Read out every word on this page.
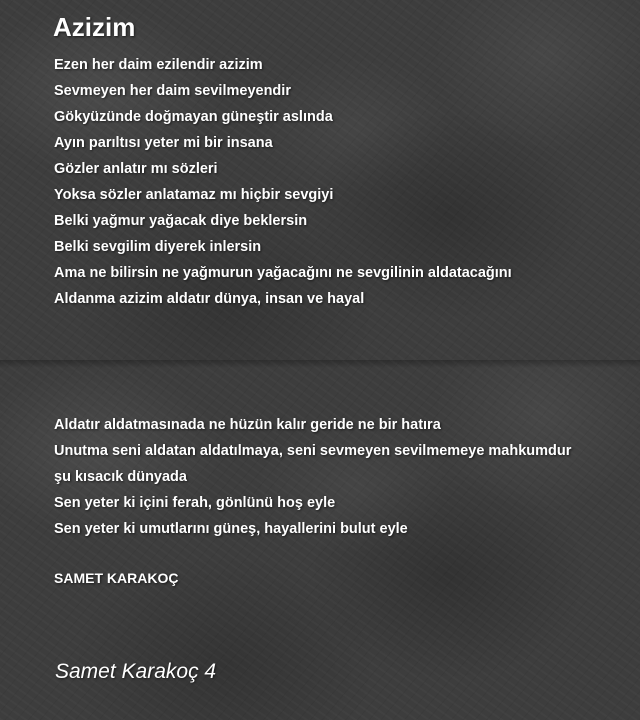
Azizim
Ezen her daim ezilendir azizim
Sevmeyen her daim sevilmeyendir
Gökyüzünde doğmayan güneştir aslında
Ayın parıltısı yeter mi bir insana
Gözler anlatır mı sözleri
Yoksa sözler anlatamaz mı hiçbir sevgiyi
Belki yağmur yağacak diye beklersin
Belki sevgilim diyerek inlersin
Ama ne bilirsin ne yağmurun yağacağını ne sevgilinin aldatacağını
Aldanma azizim aldatır dünya, insan ve hayal
Aldatır aldatmasınada ne hüzün kalır geride ne bir hatıra
Unutma seni aldatan aldatılmaya, seni sevmeyen sevilmemeye mahkumdur
şu kısacık dünyada
Sen yeter ki içini ferah, gönlünü hoş eyle
Sen yeter ki umutlarını güneş, hayallerini bulut eyle
SAMET KARAKOÇ
Samet Karakoç 4
